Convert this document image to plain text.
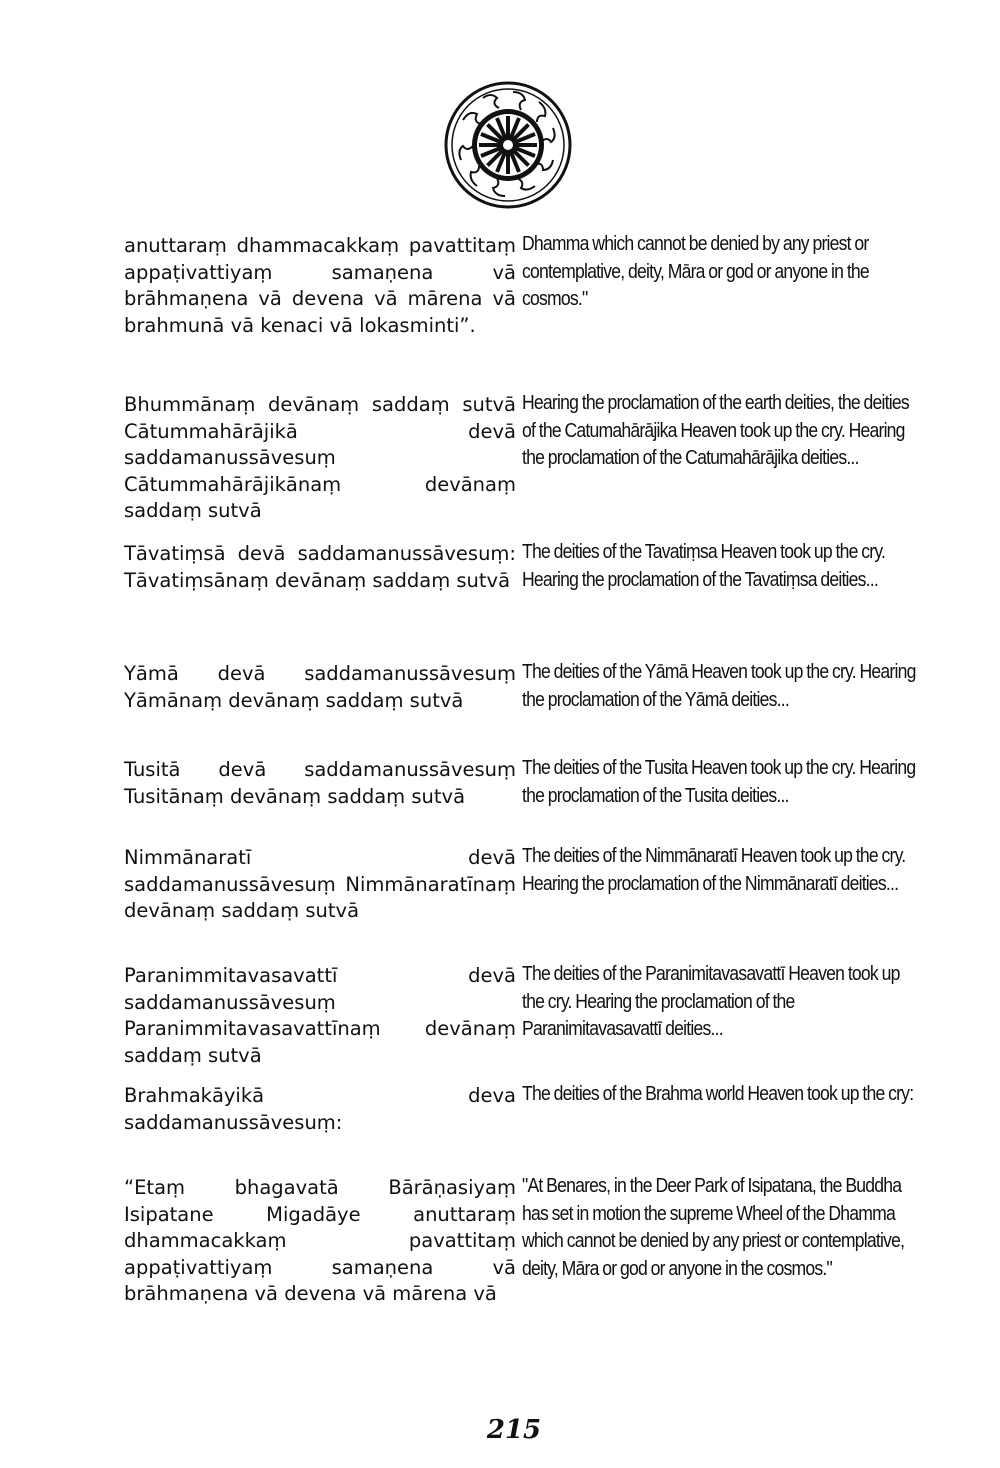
anuttaraṃ dhammacakkaṃ pavattitaṃ appaṭivattiyaṃ samaṇena vā brāhmaṇena vā devena vā mārena vā brahmunā vā kenaci vā lokasminti”.
Dhamma which cannot be denied by any priest or contemplative, deity, Māra or god or anyone in the cosmos."
Bhummānaṃ devānaṃ saddaṃ sutvā Cātummahārājikā devā saddamanussāvesuṃ Cātummahārājikānaṃ devānaṃ saddaṃ sutvā
Hearing the proclamation of the earth deities, the deities of the Catumahārājika Heaven took up the cry. Hearing the proclamation of the Catumahārājika deities...
Tāvatiṃsā devā saddamanussāvesuṃ: Tāvatiṃsānaṃ devānaṃ saddaṃ sutvā
The deities of the Tavatiṃsa Heaven took up the cry. Hearing the proclamation of the Tavatiṃsa deities...
Yāmā devā saddamanussāvesuṃ Yāmānaṃ devānaṃ saddaṃ sutvā
The deities of the Yāmā Heaven took up the cry. Hearing the proclamation of the Yāmā deities...
Tusitā devā saddamanussāvesuṃ Tusitānaṃ devānaṃ saddaṃ sutvā
The deities of the Tusita Heaven took up the cry. Hearing the proclamation of the Tusita deities...
Nimmānaratī devā saddamanussāvesuṃ Nimmānaratīnaṃ devānaṃ saddaṃ sutvā
The deities of the Nimmānaratī Heaven took up the cry. Hearing the proclamation of the Nimmānaratī deities...
Paranimmitavasavattī devā saddamanussāvesuṃ Paranimmitavasavattīnaṃ devānaṃ saddaṃ sutvā
The deities of the Paranimitavasavattī Heaven took up the cry. Hearing the proclamation of the Paranimitavasavattī deities...
Brahmakāyikā deva saddamanussāvesuṃ:
The deities of the Brahma world Heaven took up the cry:
“Etaṃ bhagavatā Bārāṇasiyaṃ Isipatane Migadāye anuttaraṃ dhammacakkaṃ pavattitaṃ appaṭivattiyaṃ samaṇena vā brāhmaṇena vā devena vā mārena vā
"At Benares, in the Deer Park of Isipatana, the Buddha has set in motion the supreme Wheel of the Dhamma which cannot be denied by any priest or contemplative, deity, Māra or god or anyone in the cosmos."
215
